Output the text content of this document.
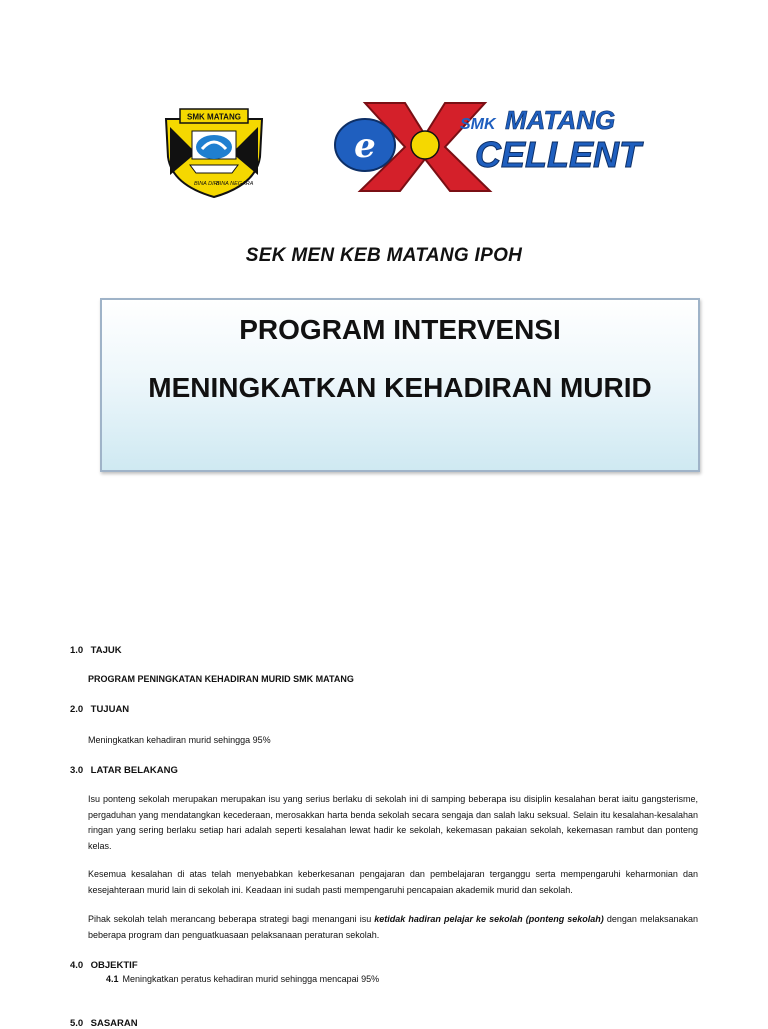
SMK MATANG
BINA DIRI
BINA NEGARA
e
SMK MATANG
CELLENT
SEK MEN KEB MATANG IPOH
PROGRAM INTERVENSI
MENINGKATKAN KEHADIRAN MURID
1.0 TAJUK
PROGRAM PENINGKATAN KEHADIRAN MURID SMK MATANG
2.0 TUJUAN
Meningkatkan kehadiran murid sehingga 95%
3.0 LATAR BELAKANG
Isu ponteng sekolah merupakan merupakan isu yang serius berlaku di sekolah ini di samping beberapa isu disiplin kesalahan berat iaitu gangsterisme, pergaduhan yang mendatangkan kecederaan, merosakkan harta benda sekolah secara sengaja dan salah laku seksual. Selain itu kesalahan-kesalahan ringan yang sering berlaku setiap hari adalah seperti kesalahan lewat hadir ke sekolah, kekemasan pakaian sekolah, kekemasan rambut dan ponteng kelas.
Kesemua kesalahan di atas telah menyebabkan keberkesanan pengajaran dan pembelajaran terganggu serta mempengaruhi keharmonian dan kesejahteraan murid lain di sekolah ini. Keadaan ini sudah pasti mempengaruhi pencapaian akademik murid dan sekolah.
Pihak sekolah telah merancang beberapa strategi bagi menangani isu ketidak hadiran pelajar ke sekolah (ponteng sekolah) dengan melaksanakan beberapa program dan penguatkuasaan pelaksanaan peraturan sekolah.
4.0 OBJEKTIF
4.1 Meningkatkan peratus kehadiran murid sehingga mencapai 95%
5.0 SASARAN
